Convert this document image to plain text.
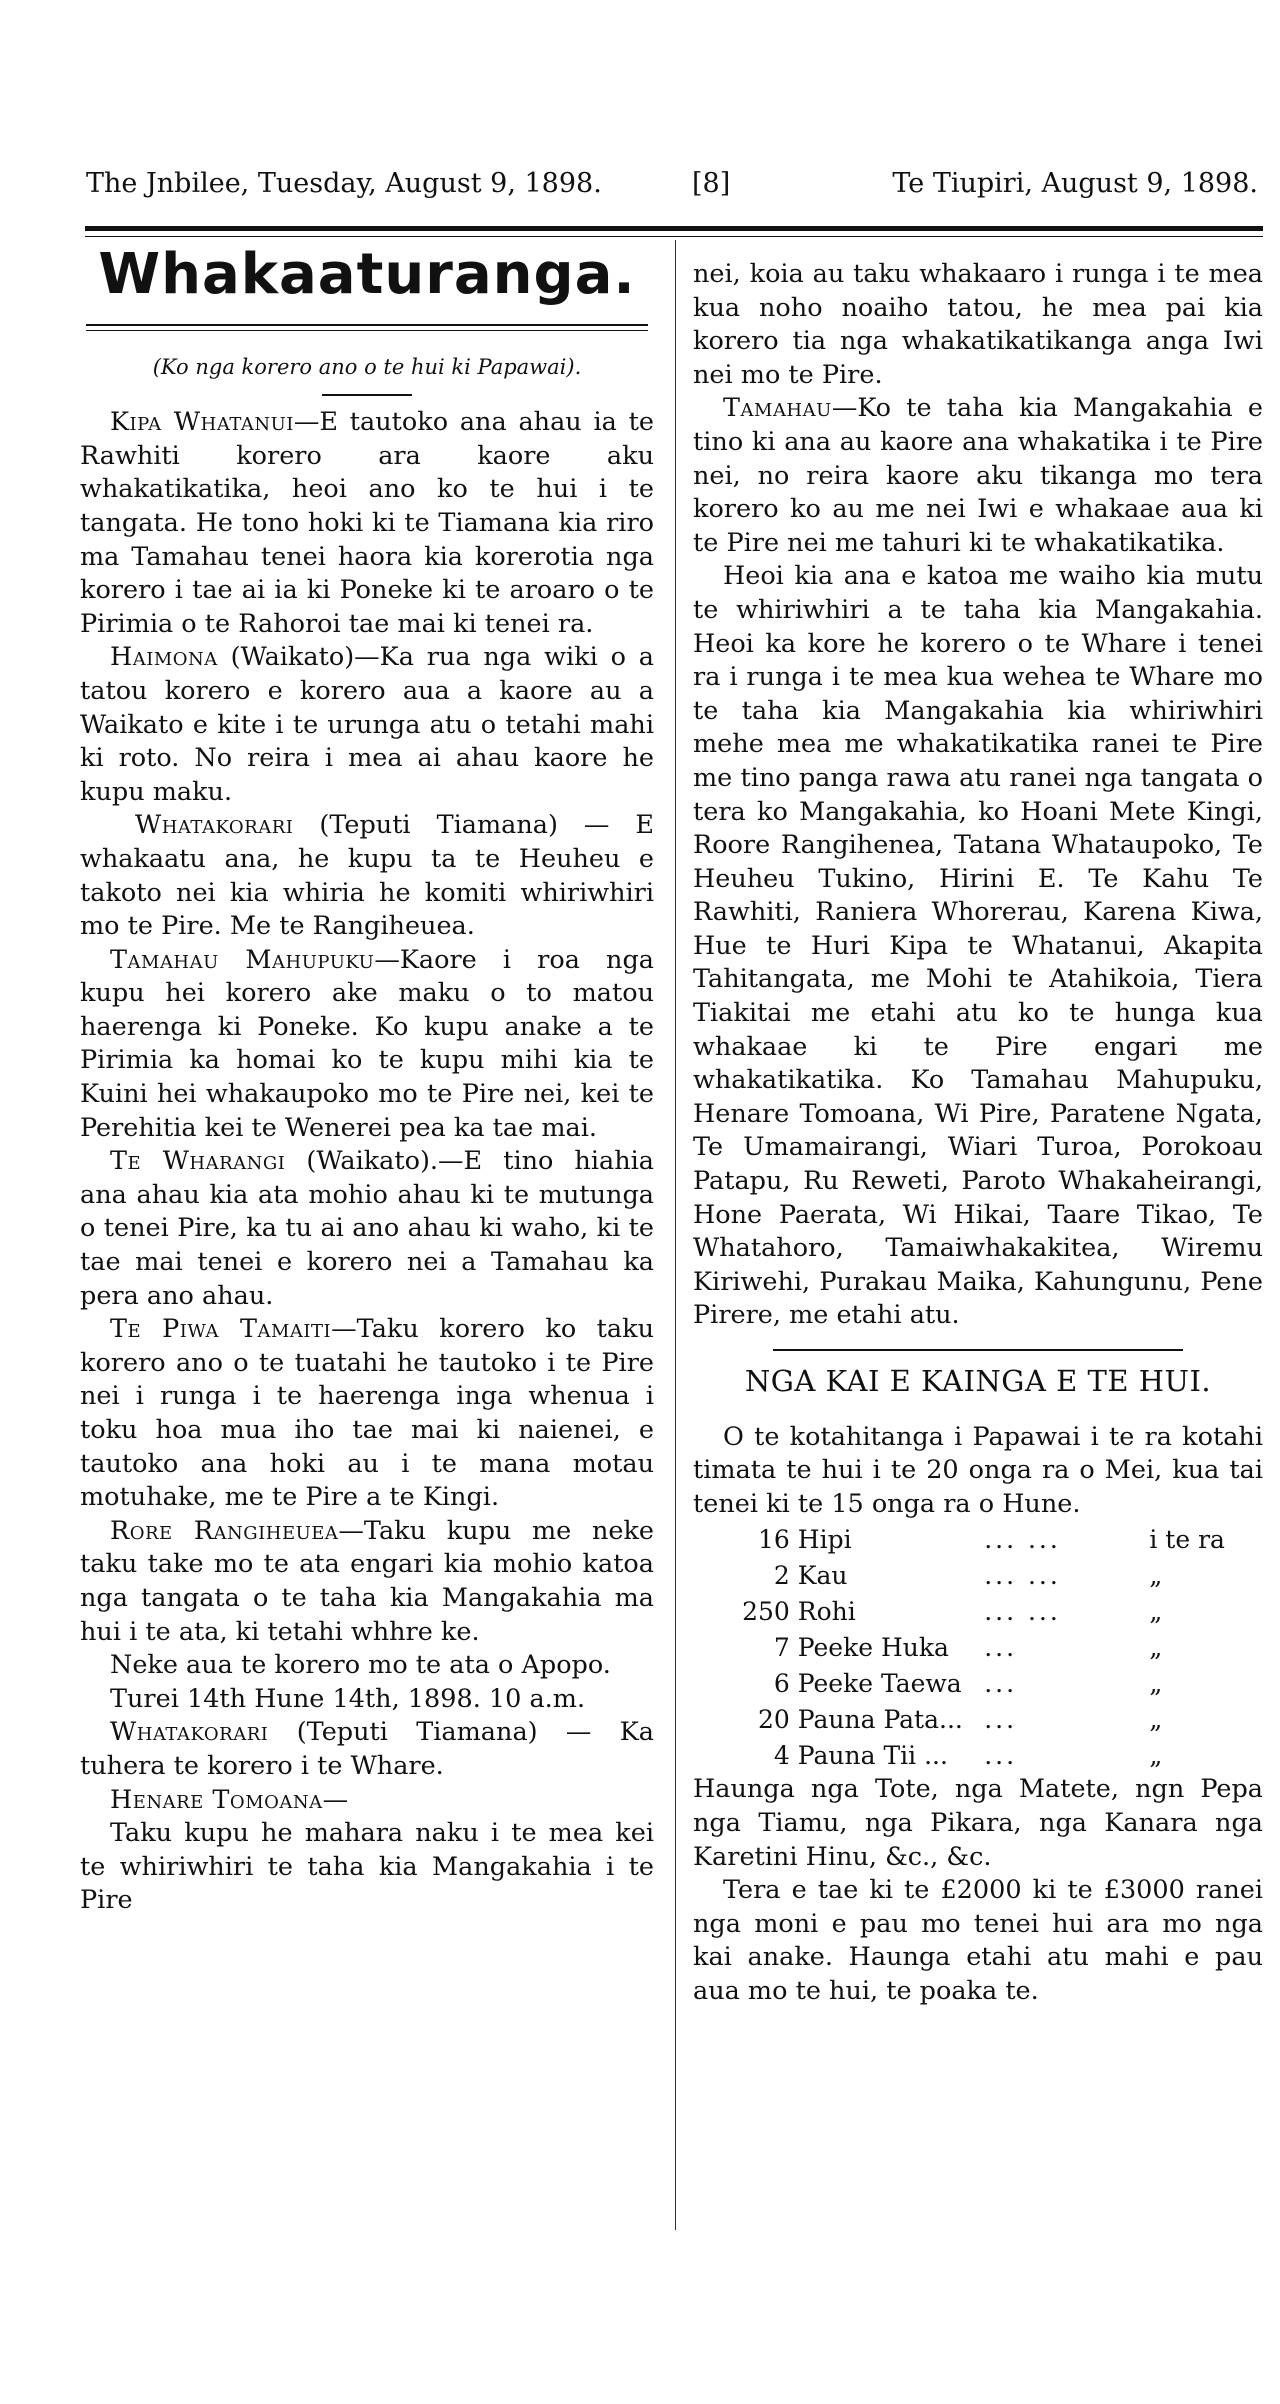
The Jnbilee, Tuesday, August 9, 1898.	[8]	Te Tiupiri, August 9, 1898.
Whakaaturanga.
(Ko nga korero ano o te hui ki Papawai).

Kipa Whatanui—E tautoko ana ahau ia te Rawhiti korero ara kaore aku whakatikatika, heoi ano ko te hui i te tangata. He tono hoki ki te Tiamana kia riro ma Tamahau tenei haora kia korerotia nga korero i tae ai ia ki Poneke ki te aroaro o te Pirimia o te Rahoroi tae mai ki tenei ra.

Haimona (Waikato)—Ka rua nga wiki o a tatou korero e korero aua a kaore au a Waikato e kite i te urunga atu o tetahi mahi ki roto. No reira i mea ai ahau kaore he kupu maku.

Whatakorari (Teputi Tiamana) — E whakaatu ana, he kupu ta te Heuheu e takoto nei kia whiria he komiti whiriwhiri mo te Pire. Me te Rangiheuea.

Tamahau Mahupuku—Kaore i roa nga kupu hei korero ake maku o to matou haerenga ki Poneke. Ko kupu anake a te Pirimia ka homai ko te kupu mihi kia te Kuini hei whakaupoko mo te Pire nei, kei te Perehitia kei te Wenerei pea ka tae mai.

Te Wharangi (Waikato).—E tino hiahia ana ahau kia ata mohio ahau ki te mutunga o tenei Pire, ka tu ai ano ahau ki waho, ki te tae mai tenei e korero nei a Tamahau ka pera ano ahau.

Te Piwa Tamaiti—Taku korero ko taku korero ano o te tuatahi he tautoko i te Pire nei i runga i te haerenga inga whenua i toku hoa mua iho tae mai ki naienei, e tautoko ana hoki au i te mana motau motuhake, me te Pire a te Kingi.

Rore Rangiheuea—Taku kupu me neke taku take mo te ata engari kia mohio katoa nga tangata o te taha kia Mangakahia ma hui i te ata, ki tetahi whhre ke.

Neke aua te korero mo te ata o Apopo.

Turei 14th Hune 14th, 1898. 10 a.m.

Whatakorari (Teputi Tiamana) — Ka tuhera te korero i te Whare.

Henare Tomoana—

Taku kupu he mahara naku i te mea kei te whiriwhiri te taha kia Mangakahia i te Pire

nei, koia au taku whakaaro i runga i te mea kua noho noaiho tatou, he mea pai kia korero tia nga whakatikatikanga anga Iwi nei mo te Pire.

Tamahau—Ko te taha kia Mangakahia e tino ki ana au kaore ana whakatika i te Pire nei, no reira kaore aku tikanga mo tera korero ko au me nei Iwi e whakaae aua ki te Pire nei me tahuri ki te whakatikatika.

Heoi kia ana e katoa me waiho kia mutu te whiriwhiri a te taha kia Mangakahia. Heoi ka kore he korero o te Whare i tenei ra i runga i te mea kua wehea te Whare mo te taha kia Mangakahia kia whiriwhiri mehe mea me whakatikatika ranei te Pire me tino panga rawa atu ranei nga tangata o tera ko Mangakahia, ko Hoani Mete Kingi, Roore Rangihenea, Tatana Whataupoko, Te Heuheu Tukino, Hirini E. Te Kahu Te Rawhiti, Raniera Whorerau, Karena Kiwa, Hue te Huri Kipa te Whatanui, Akapita Tahitangata, me Mohi te Atahikoia, Tiera Tiakitai me etahi atu ko te hunga kua whakaae ki te Pire engari me whakatikatika. Ko Tamahau Mahupuku, Henare Tomoana, Wi Pire, Paratene Ngata, Te Umamairangi, Wiari Turoa, Porokoau Patapu, Ru Reweti, Paroto Whakaheirangi, Hone Paerata, Wi Hikai, Taare Tikao, Te Whatahoro, Tamaiwhakakitea, Wiremu Kiriwehi, Purakau Maika, Kahungunu, Pene Pirere, me etahi atu.

NGA KAI E KAINGA E TE HUI.

O te kotahitanga i Papawai i te ra kotahi timata te hui i te 20 onga ra o Mei, kua tai tenei ki te 15 onga ra o Hune.

16	Hipi	... ...	i te ra
2	Kau	... ...	„
250	Rohi	... ...	„
7	Peeke Huka	...	„
6	Peeke Taewa	...	„
20	Pauna Pata...	...	„
4	Pauna Tii ...	...	„

Haunga nga Tote, nga Matete, ngn Pepa nga Tiamu, nga Pikara, nga Kanara nga Karetini Hinu, &c., &c.

Tera e tae ki te £2000 ki te £3000 ranei nga moni e pau mo tenei hui ara mo nga kai anake. Haunga etahi atu mahi e pau aua mo te hui, te poaka te.
